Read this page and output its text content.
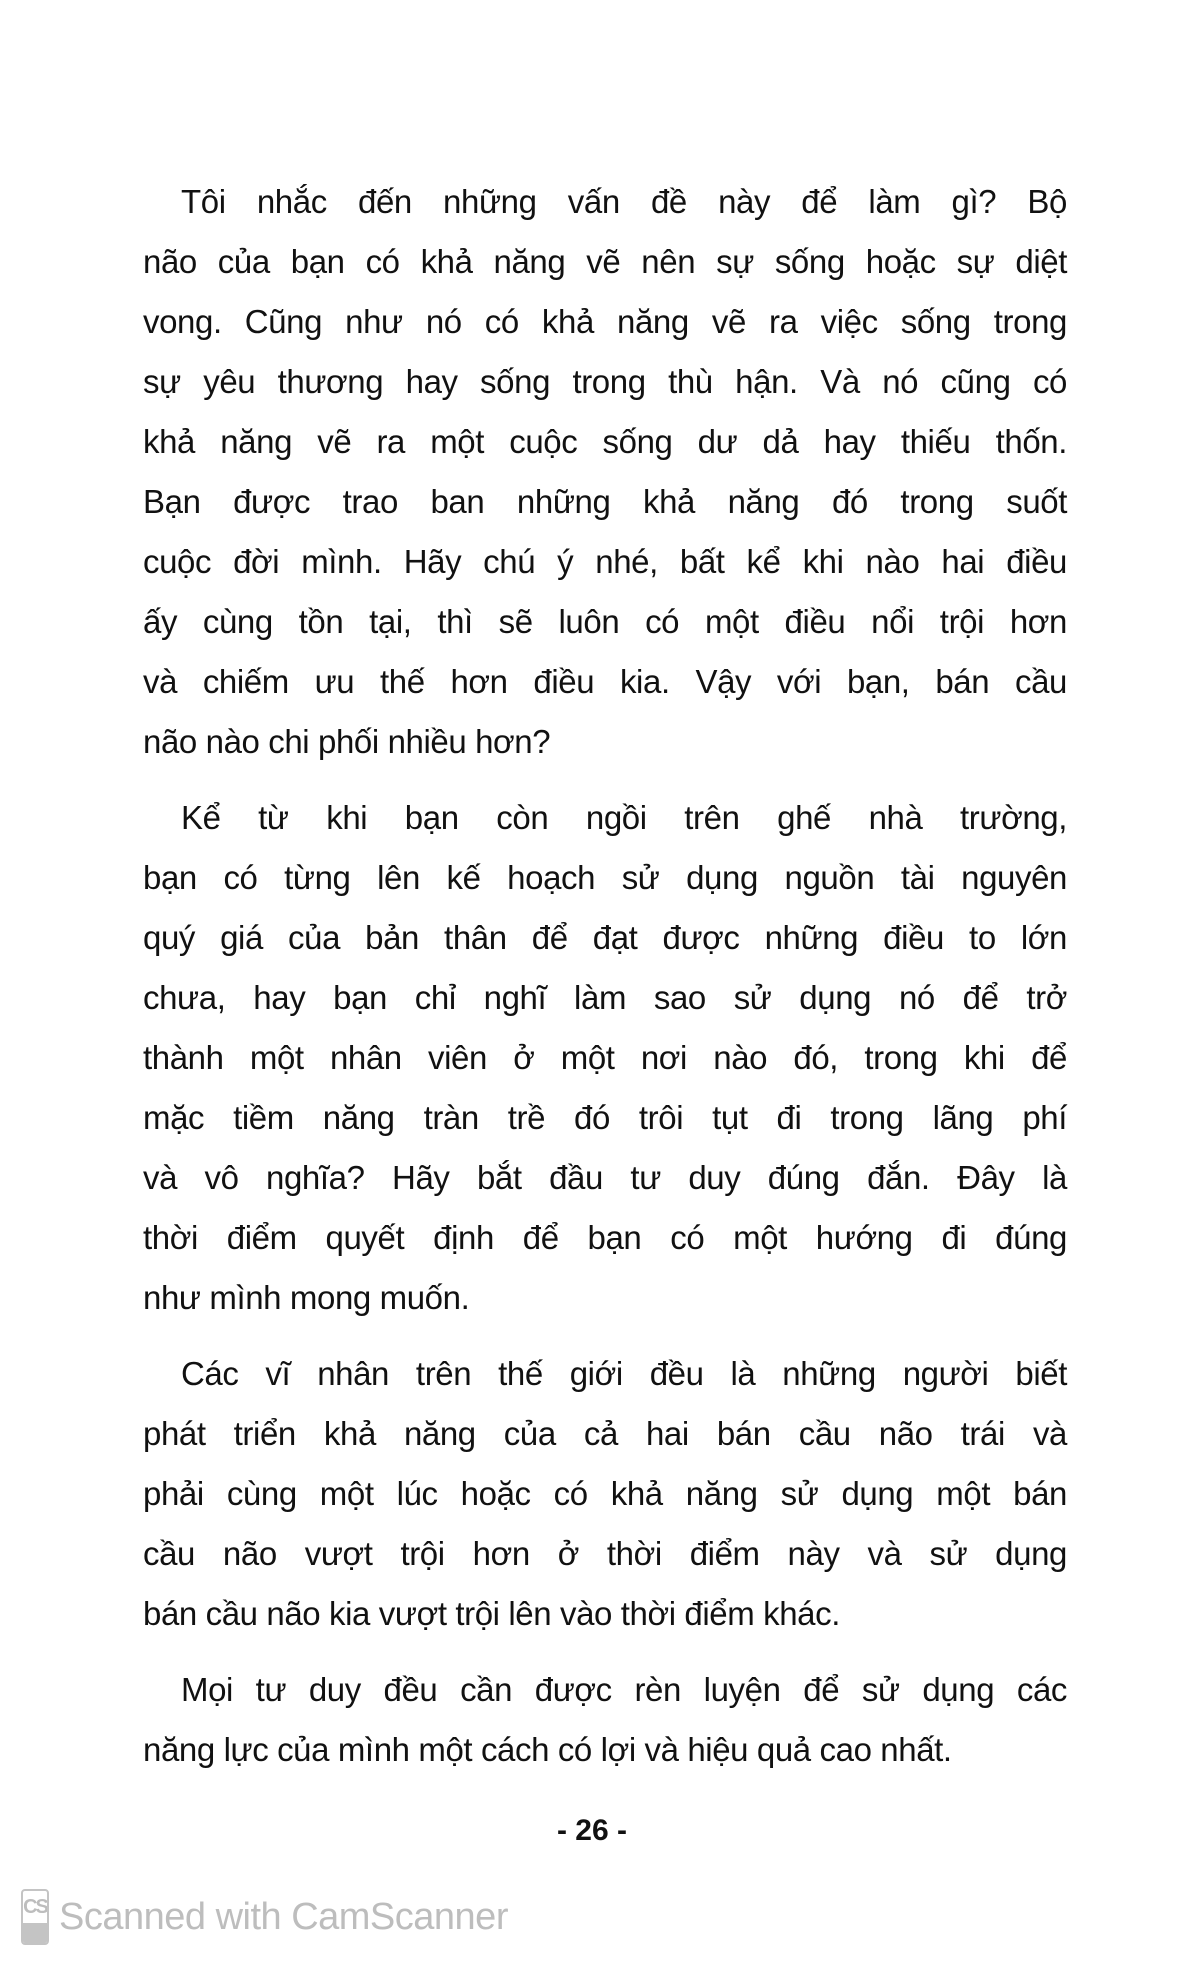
Tôi nhắc đến những vấn đề này để làm gì? Bộ
não của bạn có khả năng vẽ nên sự sống hoặc sự diệt
vong. Cũng như nó có khả năng vẽ ra việc sống trong
sự yêu thương hay sống trong thù hận. Và nó cũng có
khả năng vẽ ra một cuộc sống dư dả hay thiếu thốn.
Bạn được trao ban những khả năng đó trong suốt
cuộc đời mình. Hãy chú ý nhé, bất kể khi nào hai điều
ấy cùng tồn tại, thì sẽ luôn có một điều nổi trội hơn
và chiếm ưu thế hơn điều kia. Vậy với bạn, bán cầu
não nào chi phối nhiều hơn?
Kể từ khi bạn còn ngồi trên ghế nhà trường,
bạn có từng lên kế hoạch sử dụng nguồn tài nguyên
quý giá của bản thân để đạt được những điều to lớn
chưa, hay bạn chỉ nghĩ làm sao sử dụng nó để trở
thành một nhân viên ở một nơi nào đó, trong khi để
mặc tiềm năng tràn trề đó trôi tụt đi trong lãng phí
và vô nghĩa? Hãy bắt đầu tư duy đúng đắn. Đây là
thời điểm quyết định để bạn có một hướng đi đúng
như mình mong muốn.
Các vĩ nhân trên thế giới đều là những người biết
phát triển khả năng của cả hai bán cầu não trái và
phải cùng một lúc hoặc có khả năng sử dụng một bán
cầu não vượt trội hơn ở thời điểm này và sử dụng
bán cầu não kia vượt trội lên vào thời điểm khác.
Mọi tư duy đều cần được rèn luyện để sử dụng các
năng lực của mình một cách có lợi và hiệu quả cao nhất.
- 26 -
CS Scanned with CamScanner
